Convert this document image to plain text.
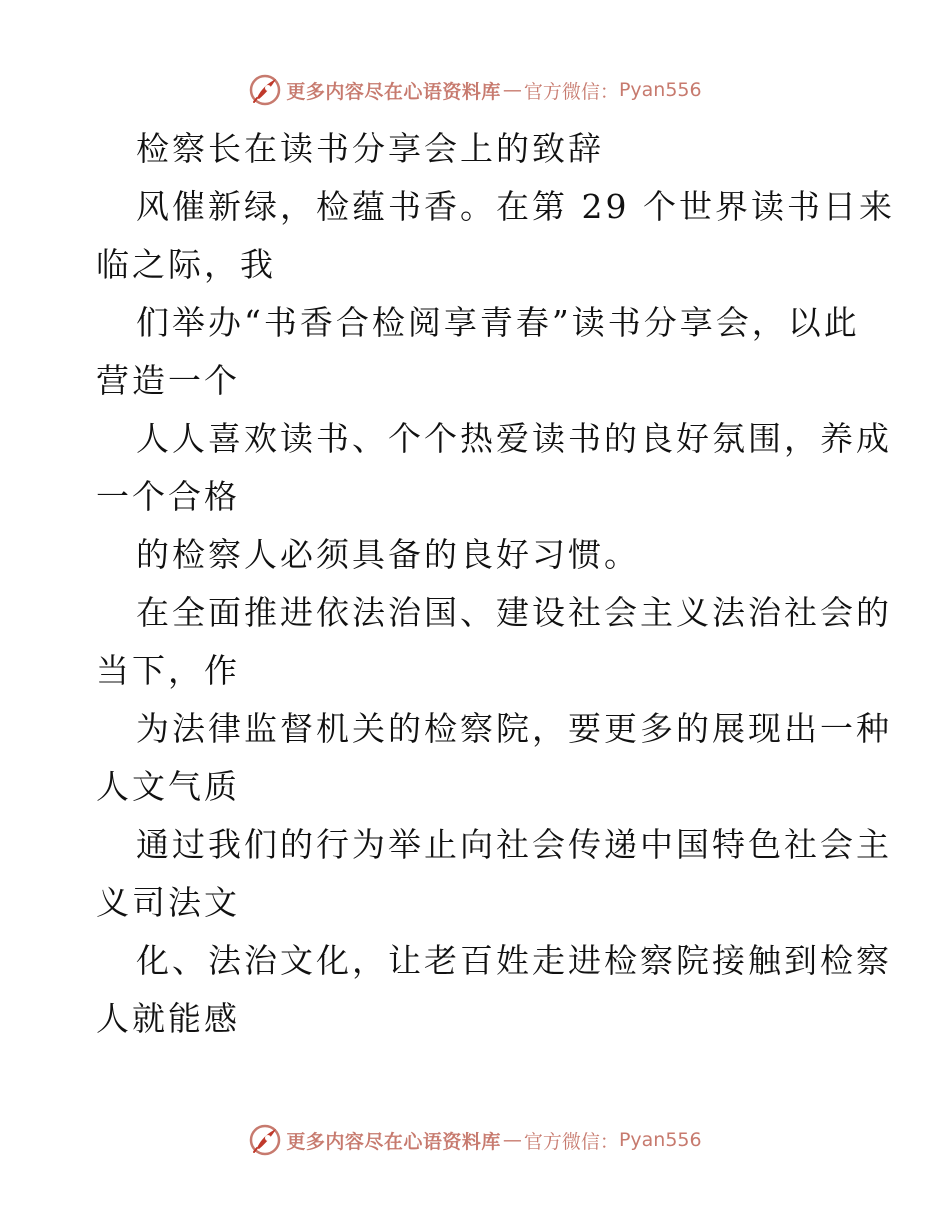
更多内容尽在心语资料库 — 官方微信： Pyan556
检察长在读书分享会上的致辞
风催新绿，检蕴书香。在第 29 个世界读书日来
临之际，我
们举办“书香合检阅享青春”读书分享会，以此
营造一个
人人喜欢读书、个个热爱读书的良好氛围，养成
一个合格
的检察人必须具备的良好习惯。
在全面推进依法治国、建设社会主义法治社会的
当下，作
为法律监督机关的检察院，要更多的展现出一种
人文气质
通过我们的行为举止向社会传递中国特色社会主
义司法文
化、法治文化，让老百姓走进检察院接触到检察
人就能感
更多内容尽在心语资料库 — 官方微信： Pyan556
